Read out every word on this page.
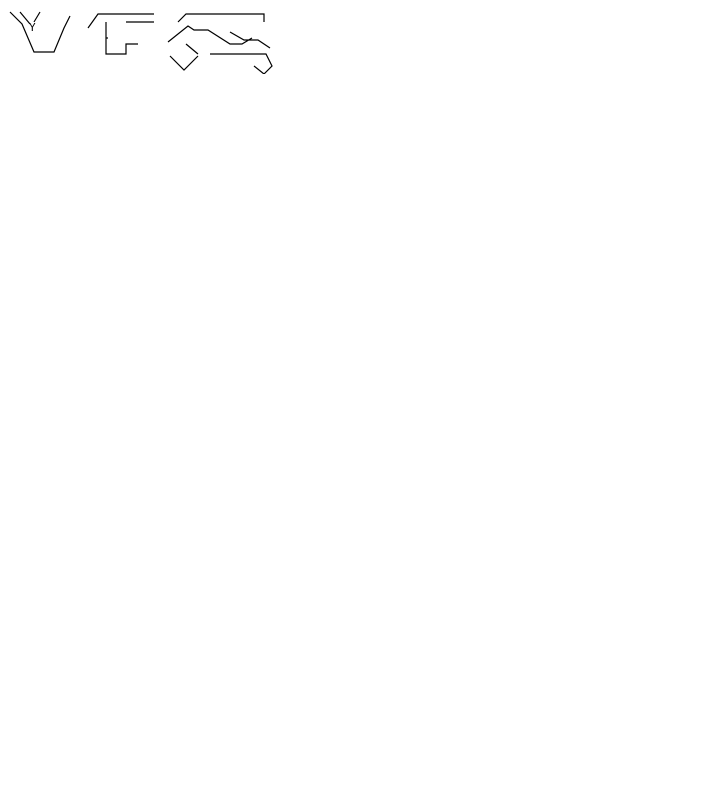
Y
